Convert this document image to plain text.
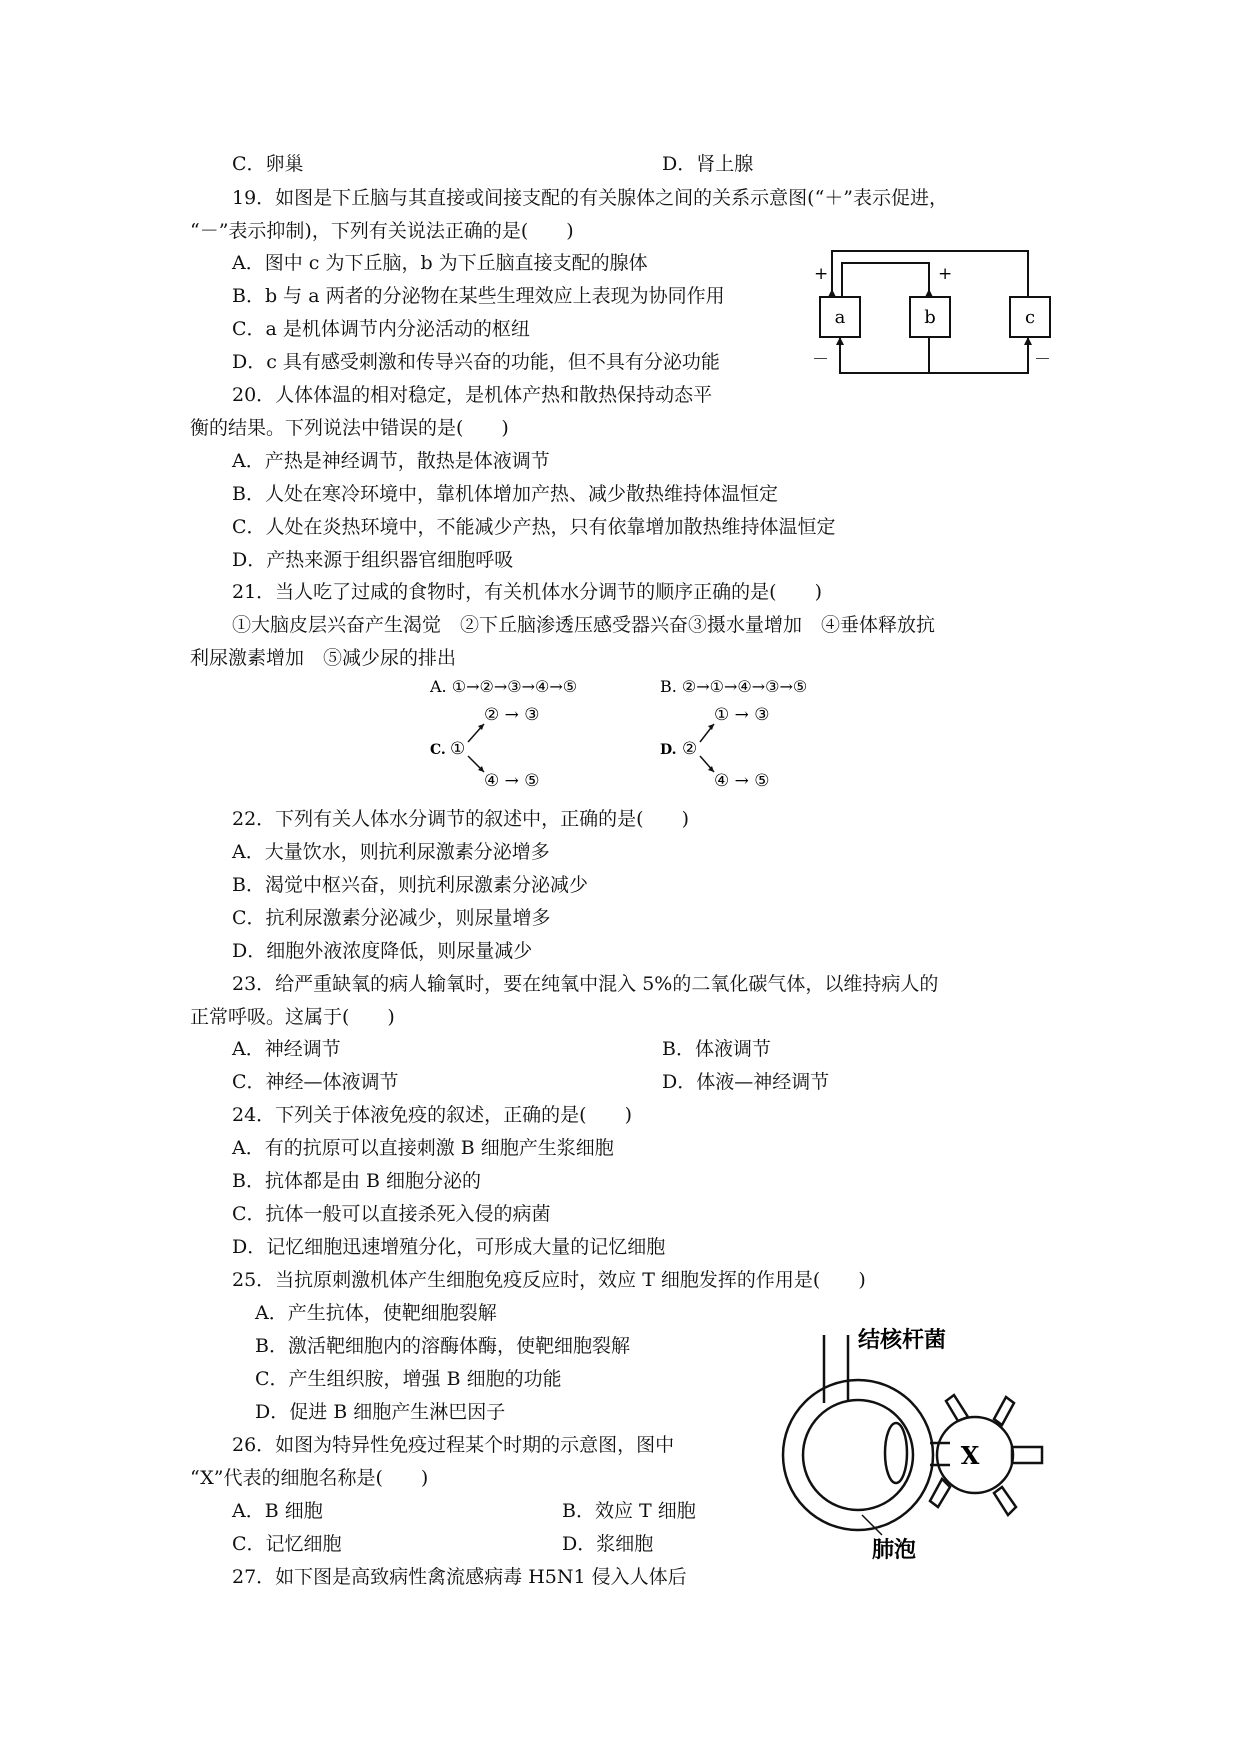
C．卵巢	D．肾上腺
19．如图是下丘脑与其直接或间接支配的有关腺体之间的关系示意图(“＋”表示促进，
“－”表示抑制)，下列有关说法正确的是(　　)
A．图中 c 为下丘脑，b 为下丘脑直接支配的腺体
B．b 与 a 两者的分泌物在某些生理效应上表现为协同作用
C．a 是机体调节内分泌活动的枢纽
D．c 具有感受刺激和传导兴奋的功能，但不具有分泌功能
a	b	c
+	+
－	－
20．人体体温的相对稳定，是机体产热和散热保持动态平
衡的结果。下列说法中错误的是(　　)
A．产热是神经调节，散热是体液调节
B．人处在寒冷环境中，靠机体增加产热、减少散热维持体温恒定
C．人处在炎热环境中，不能减少产热，只有依靠增加散热维持体温恒定
D．产热来源于组织器官细胞呼吸
21．当人吃了过咸的食物时，有关机体水分调节的顺序正确的是(　　)
①大脑皮层兴奋产生渴觉　②下丘脑渗透压感受器兴奋③摄水量增加　④垂体释放抗
利尿激素增加　⑤减少尿的排出
A. ①→②→③→④→⑤	B. ②→①→④→③→⑤
C. ①
② → ③
④ → ⑤
D. ②
① → ③
④ → ⑤
22．下列有关人体水分调节的叙述中，正确的是(　　)
A．大量饮水，则抗利尿激素分泌增多
B．渴觉中枢兴奋，则抗利尿激素分泌减少
C．抗利尿激素分泌减少，则尿量增多
D．细胞外液浓度降低，则尿量减少
23．给严重缺氧的病人输氧时，要在纯氧中混入 5%的二氧化碳气体，以维持病人的
正常呼吸。这属于(　　)
A．神经调节	B．体液调节
C．神经—体液调节	D．体液—神经调节
24．下列关于体液免疫的叙述，正确的是(　　)
A．有的抗原可以直接刺激 B 细胞产生浆细胞
B．抗体都是由 B 细胞分泌的
C．抗体一般可以直接杀死入侵的病菌
D．记忆细胞迅速增殖分化，可形成大量的记忆细胞
25．当抗原刺激机体产生细胞免疫反应时，效应 T 细胞发挥的作用是(　　)
A．产生抗体，使靶细胞裂解
B．激活靶细胞内的溶酶体酶，使靶细胞裂解
C．产生组织胺，增强 B 细胞的功能
D．促进 B 细胞产生淋巴因子
26．如图为特异性免疫过程某个时期的示意图，图中
“X”代表的细胞名称是(　　)
A．B 细胞	B．效应 T 细胞
C．记忆细胞	D．浆细胞
X
结核杆菌
肺泡
27．如下图是高致病性禽流感病毒 H5N1 侵入人体后
